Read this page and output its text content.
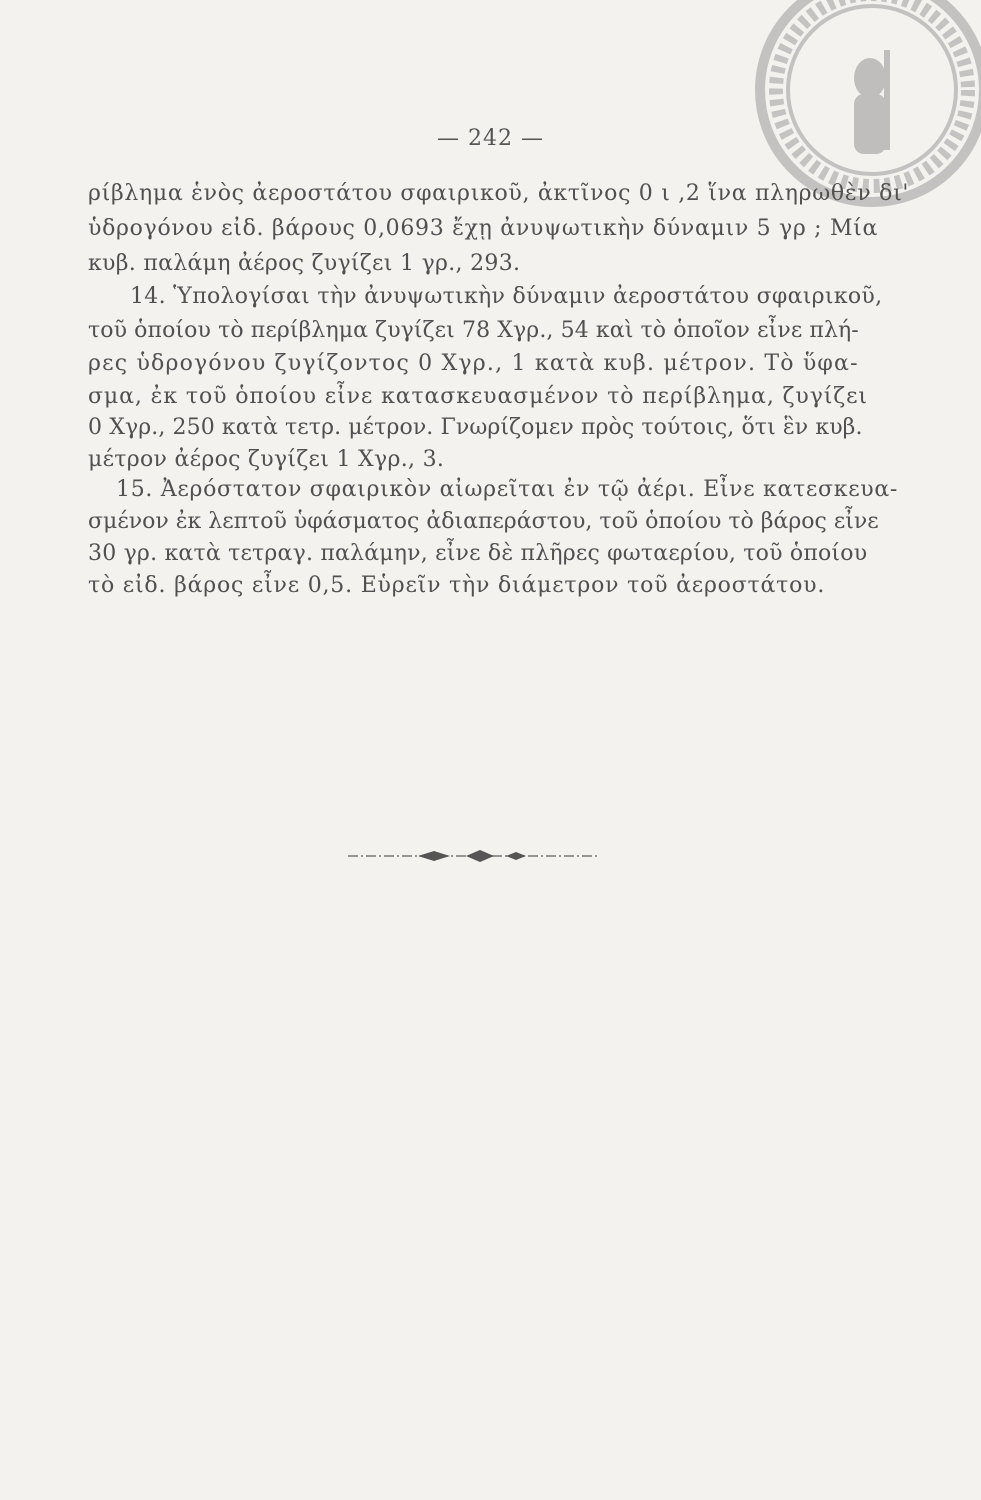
— 242 —
ρίβλημα ἑνὸς ἀεροστάτου σφαιρικοῦ, ἀκτῖνος 0 ι ,2 ἵνα πληρωθὲν δι'
ὑδρογόνου εἰδ. βάρους 0,0693 ἔχῃ ἀνυψωτικὴν δύναμιν 5 γρ ; Μία
κυβ. παλάμη ἀέρος ζυγίζει 1 γρ., 293.
14. Ὑπολογίσαι τὴν ἀνυψωτικὴν δύναμιν ἀεροστάτου σφαιρικοῦ,
τοῦ ὁποίου τὸ περίβλημα ζυγίζει 78 Χγρ., 54 καὶ τὸ ὁποῖον εἶνε πλή-
ρες ὑδρογόνου ζυγίζοντος 0 Χγρ., 1 κατὰ κυβ. μέτρον. Τὸ ὕφα-
σμα, ἐκ τοῦ ὁποίου εἶνε κατασκευασμένον τὸ περίβλημα, ζυγίζει
0 Χγρ., 250 κατὰ τετρ. μέτρον. Γνωρίζομεν πρὸς τούτοις, ὅτι ἓν κυβ.
μέτρον ἀέρος ζυγίζει 1 Χγρ., 3.
15. Ἀερόστατον σφαιρικὸν αἰωρεῖται ἐν τῷ ἀέρι. Εἶνε κατεσκευα-
σμένον ἐκ λεπτοῦ ὑφάσματος ἀδιαπεράστου, τοῦ ὁποίου τὸ βάρος εἶνε
30 γρ. κατὰ τετραγ. παλάμην, εἶνε δὲ πλῆρες φωταερίου, τοῦ ὁποίου
τὸ εἰδ. βάρος εἶνε 0,5. Εὑρεῖν τὴν διάμετρον τοῦ ἀεροστάτου.
